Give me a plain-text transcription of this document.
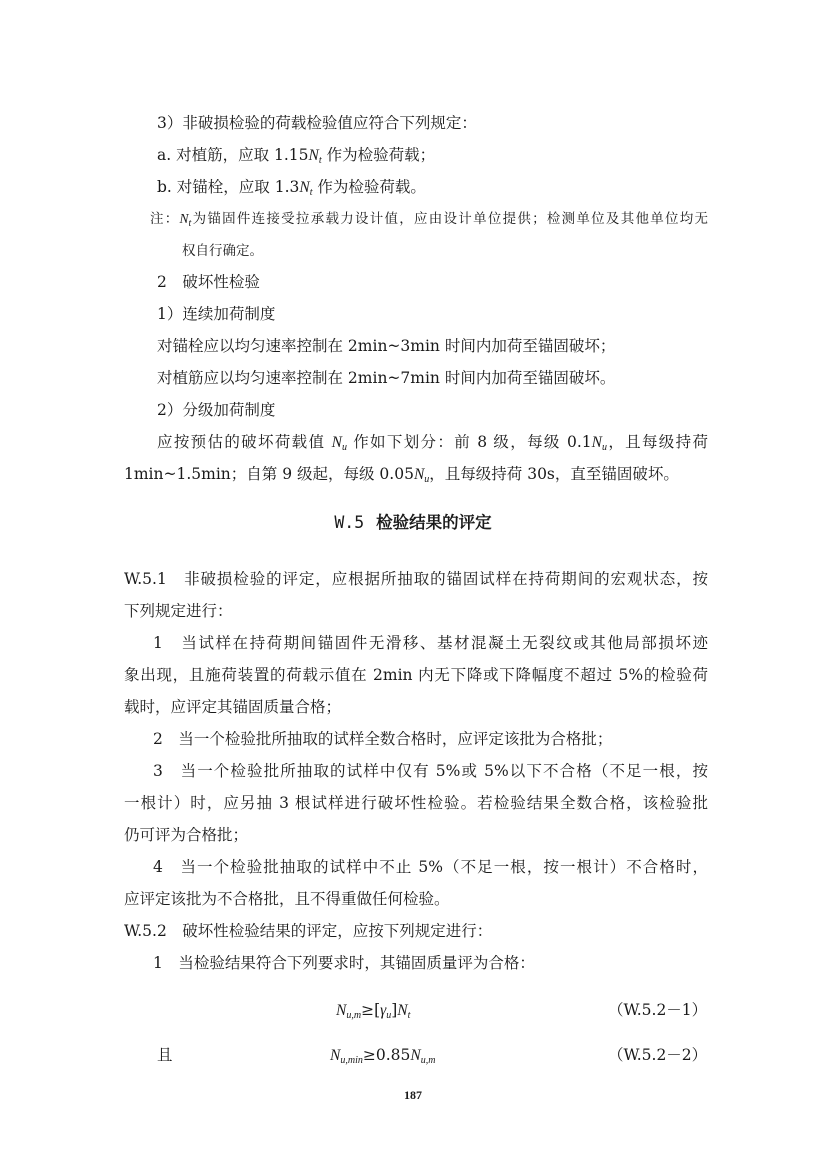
3）非破损检验的荷载检验值应符合下列规定：
a. 对植筋，应取 $1.15N_t$ 作为检验荷载；
b. 对锚栓，应取 $1.3N_t$ 作为检验荷载。
注：$N_t$为锚固件连接受拉承载力设计值，应由设计单位提供；检测单位及其他单位均无
权自行确定。
2　破坏性检验
1）连续加荷制度
对锚栓应以均匀速率控制在 2min~3min 时间内加荷至锚固破坏；
对植筋应以均匀速率控制在 2min~7min 时间内加荷至锚固破坏。
2）分级加荷制度
应按预估的破坏荷载值 $N_u$ 作如下划分：前 8 级，每级 $0.1N_u$，且每级持荷
1min~1.5min；自第 9 级起，每级 $0.05N_u$，且每级持荷 30s，直至锚固破坏。
W.5 检验结果的评定
W.5.1　非破损检验的评定，应根据所抽取的锚固试样在持荷期间的宏观状态，按
下列规定进行：
1　当试样在持荷期间锚固件无滑移、基材混凝土无裂纹或其他局部损坏迹
象出现，且施荷装置的荷载示值在 2min 内无下降或下降幅度不超过 5%的检验荷
载时，应评定其锚固质量合格；
2　当一个检验批所抽取的试样全数合格时，应评定该批为合格批；
3　当一个检验批所抽取的试样中仅有 5%或 5%以下不合格（不足一根，按
一根计）时，应另抽 3 根试样进行破坏性检验。若检验结果全数合格，该检验批
仍可评为合格批；
4　当一个检验批抽取的试样中不止 5%（不足一根，按一根计）不合格时，
应评定该批为不合格批，且不得重做任何检验。
W.5.2　破坏性检验结果的评定，应按下列规定进行：
1　当检验结果符合下列要求时，其锚固质量评为合格：
$N_{u,m}\ge[\gamma_u]N_t$	（W.5.2－1）
且	$N_{u,min}\ge 0.85N_{u,m}$	（W.5.2－2）
187
